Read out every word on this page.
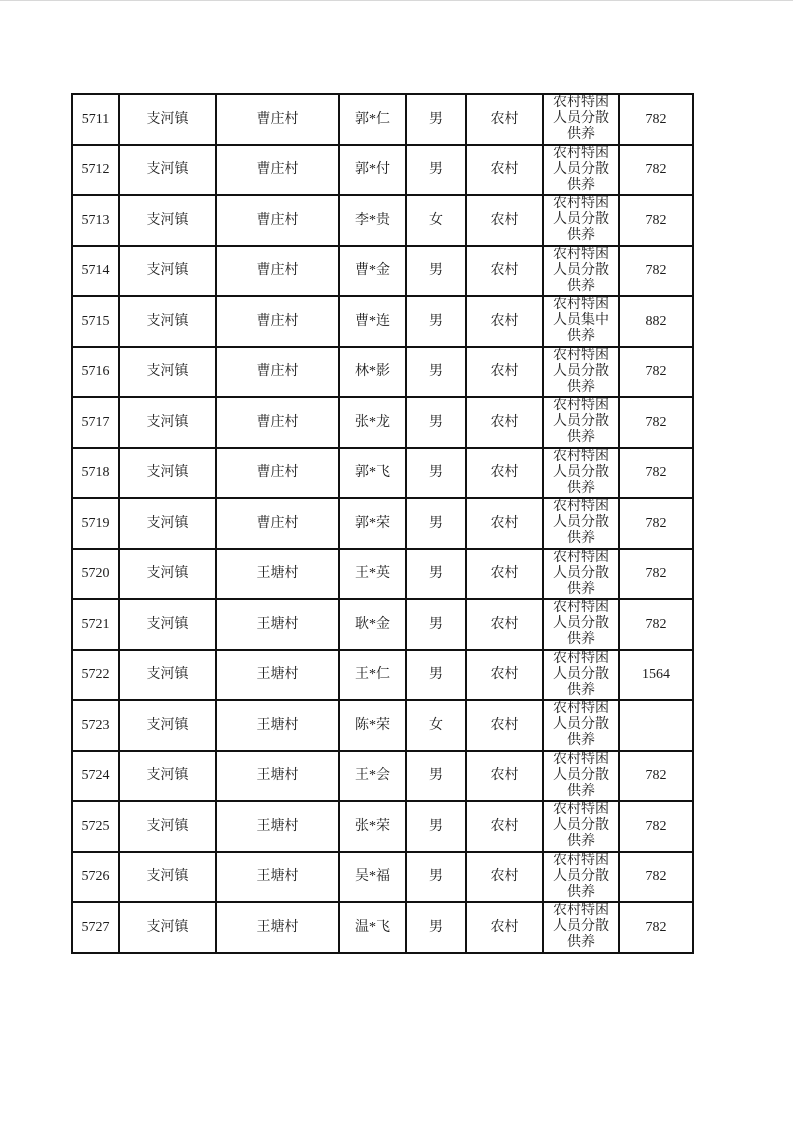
5711	支河镇	曹庄村	郭*仁	男	农村	农村特困人员分散供养	782
5712	支河镇	曹庄村	郭*付	男	农村	农村特困人员分散供养	782
5713	支河镇	曹庄村	李*贵	女	农村	农村特困人员分散供养	782
5714	支河镇	曹庄村	曹*金	男	农村	农村特困人员分散供养	782
5715	支河镇	曹庄村	曹*连	男	农村	农村特困人员集中供养	882
5716	支河镇	曹庄村	林*影	男	农村	农村特困人员分散供养	782
5717	支河镇	曹庄村	张*龙	男	农村	农村特困人员分散供养	782
5718	支河镇	曹庄村	郭*飞	男	农村	农村特困人员分散供养	782
5719	支河镇	曹庄村	郭*荣	男	农村	农村特困人员分散供养	782
5720	支河镇	王塘村	王*英	男	农村	农村特困人员分散供养	782
5721	支河镇	王塘村	耿*金	男	农村	农村特困人员分散供养	782
5722	支河镇	王塘村	王*仁	男	农村	农村特困人员分散供养	1564
5723	支河镇	王塘村	陈*荣	女	农村	农村特困人员分散供养	
5724	支河镇	王塘村	王*会	男	农村	农村特困人员分散供养	782
5725	支河镇	王塘村	张*荣	男	农村	农村特困人员分散供养	782
5726	支河镇	王塘村	吴*福	男	农村	农村特困人员分散供养	782
5727	支河镇	王塘村	温*飞	男	农村	农村特困人员分散供养	782
